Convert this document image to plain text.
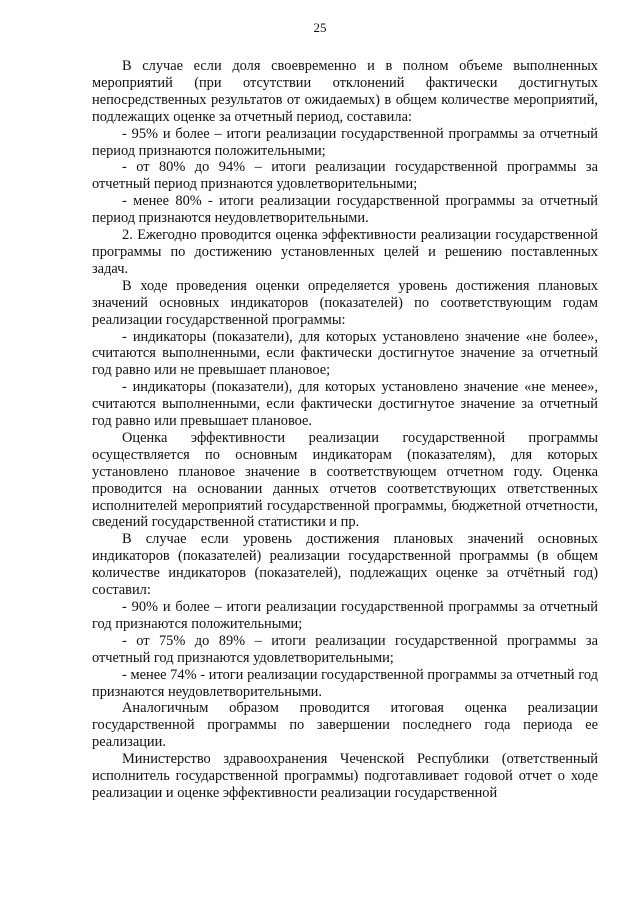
25

В случае если доля своевременно и в полном объеме выполненных мероприятий (при отсутствии отклонений фактически достигнутых непосредственных результатов от ожидаемых) в общем количестве мероприятий, подлежащих оценке за отчетный период, составила:

- 95% и более – итоги реализации государственной программы за отчетный период признаются положительными;

- от 80% до 94% – итоги реализации государственной программы за отчетный период признаются удовлетворительными;

- менее 80% - итоги реализации государственной программы за отчетный период признаются неудовлетворительными.

2. Ежегодно проводится оценка эффективности реализации государственной программы по достижению установленных целей и решению поставленных задач.

В ходе проведения оценки определяется уровень достижения плановых значений основных индикаторов (показателей) по соответствующим годам реализации государственной программы:

- индикаторы (показатели), для которых установлено значение «не более», считаются выполненными, если фактически достигнутое значение за отчетный год равно или не превышает плановое;

- индикаторы (показатели), для которых установлено значение «не менее», считаются выполненными, если фактически достигнутое значение за отчетный год равно или превышает плановое.

Оценка эффективности реализации государственной программы осуществляется по основным индикаторам (показателям), для которых установлено плановое значение в соответствующем отчетном году. Оценка проводится на основании данных отчетов соответствующих ответственных исполнителей мероприятий государственной программы, бюджетной отчетности, сведений государственной статистики и пр.

В случае если уровень достижения плановых значений основных индикаторов (показателей) реализации государственной программы (в общем количестве индикаторов (показателей), подлежащих оценке за отчётный год) составил:

- 90% и более – итоги реализации государственной программы за отчетный год признаются положительными;

- от 75% до 89% – итоги реализации государственной программы за отчетный год признаются удовлетворительными;

- менее 74% - итоги реализации государственной программы за отчетный год признаются неудовлетворительными.

Аналогичным образом проводится итоговая оценка реализации государственной программы по завершении последнего года периода ее реализации.

Министерство здравоохранения Чеченской Республики (ответственный исполнитель государственной программы) подготавливает годовой отчет о ходе реализации и оценке эффективности реализации государственной
